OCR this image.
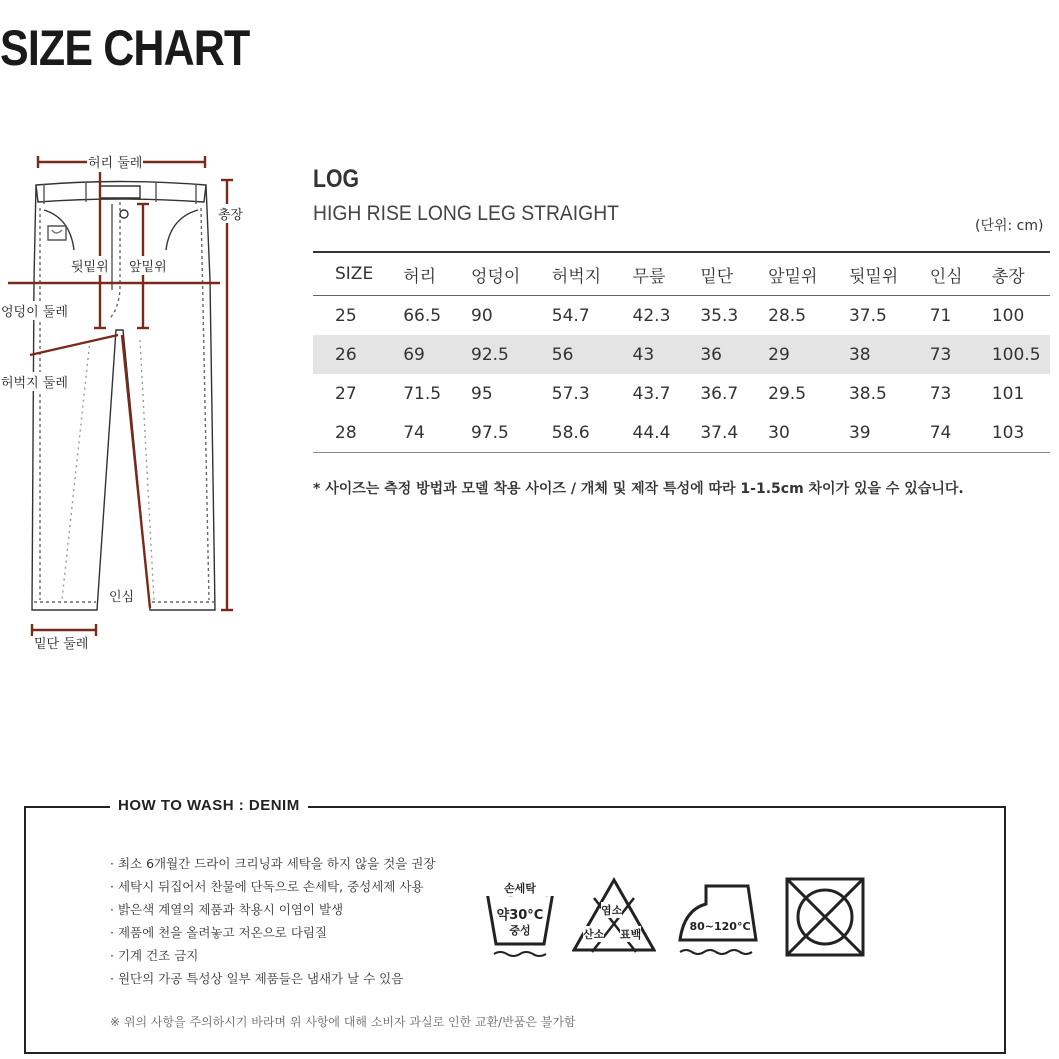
SIZE CHART
허리 둘레
총장
뒷밑위 앞밑위
엉덩이 둘레
허벅지 둘레
인심
밑단 둘레
LOG
HIGH RISE LONG LEG STRAIGHT
(단위: cm)
SIZE	허리	엉덩이	허벅지	무릎	밑단	앞밑위	뒷밑위	인심	총장
25	66.5	90	54.7	42.3	35.3	28.5	37.5	71	100
26	69	92.5	56	43	36	29	38	73	100.5
27	71.5	95	57.3	43.7	36.7	29.5	38.5	73	101
28	74	97.5	58.6	44.4	37.4	30	39	74	103
* 사이즈는 측정 방법과 모델 착용 사이즈 / 개체 및 제작 특성에 따라 1-1.5cm 차이가 있을 수 있습니다.
HOW TO WASH : DENIM
· 최소 6개월간 드라이 크리닝과 세탁을 하지 않을 것을 권장
· 세탁시 뒤집어서 찬물에 단독으로 손세탁, 중성세제 사용
· 밝은색 계열의 제품과 착용시 이염이 발생
· 제품에 천을 올려놓고 저온으로 다림질
· 기계 건조 금지
· 원단의 가공 특성상 일부 제품들은 냄새가 날 수 있음
손세탁
약30°C
중성
염소
산소 표백
80~120°C
※ 위의 사항을 주의하시기 바라며 위 사항에 대해 소비자 과실로 인한 교환/반품은 불가함
